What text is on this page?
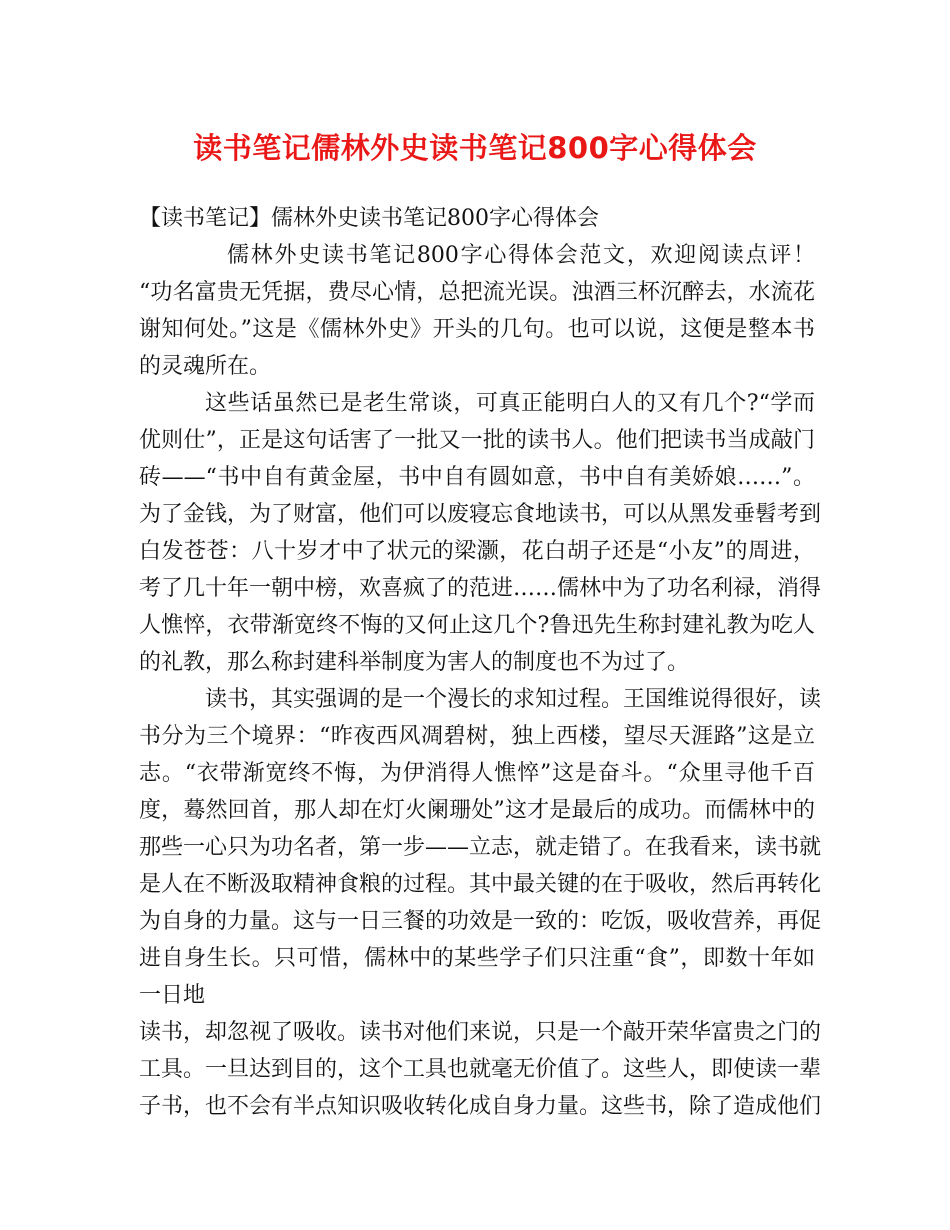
读书笔记儒林外史读书笔记800字心得体会
【读书笔记】儒林外史读书笔记800字心得体会
儒林外史读书笔记800字心得体会范文，欢迎阅读点评！
“功名富贵无凭据，费尽心情，总把流光误。浊酒三杯沉醉去，水流花
谢知何处。”这是《儒林外史》开头的几句。也可以说，这便是整本书
的灵魂所在。
这些话虽然已是老生常谈，可真正能明白人的又有几个?“学而
优则仕”，正是这句话害了一批又一批的读书人。他们把读书当成敲门
砖——“书中自有黄金屋，书中自有圆如意，书中自有美娇娘……”。
为了金钱，为了财富，他们可以废寝忘食地读书，可以从黑发垂髫考到
白发苍苍：八十岁才中了状元的梁灏，花白胡子还是“小友”的周进，
考了几十年一朝中榜，欢喜疯了的范进……儒林中为了功名利禄，消得
人憔悴，衣带渐宽终不悔的又何止这几个?鲁迅先生称封建礼教为吃人
的礼教，那么称封建科举制度为害人的制度也不为过了。
读书，其实强调的是一个漫长的求知过程。王国维说得很好，读
书分为三个境界：“昨夜西风凋碧树，独上西楼，望尽天涯路”这是立
志。“衣带渐宽终不悔，为伊消得人憔悴”这是奋斗。“众里寻他千百
度，蓦然回首，那人却在灯火阑珊处”这才是最后的成功。而儒林中的
那些一心只为功名者，第一步——立志，就走错了。在我看来，读书就
是人在不断汲取精神食粮的过程。其中最关键的在于吸收，然后再转化
为自身的力量。这与一日三餐的功效是一致的：吃饭，吸收营养，再促
进自身生长。只可惜，儒林中的某些学子们只注重“食”，即数十年如
一日地
读书，却忽视了吸收。读书对他们来说，只是一个敲开荣华富贵之门的
工具。一旦达到目的，这个工具也就毫无价值了。这些人，即使读一辈
子书，也不会有半点知识吸收转化成自身力量。这些书，除了造成他们
